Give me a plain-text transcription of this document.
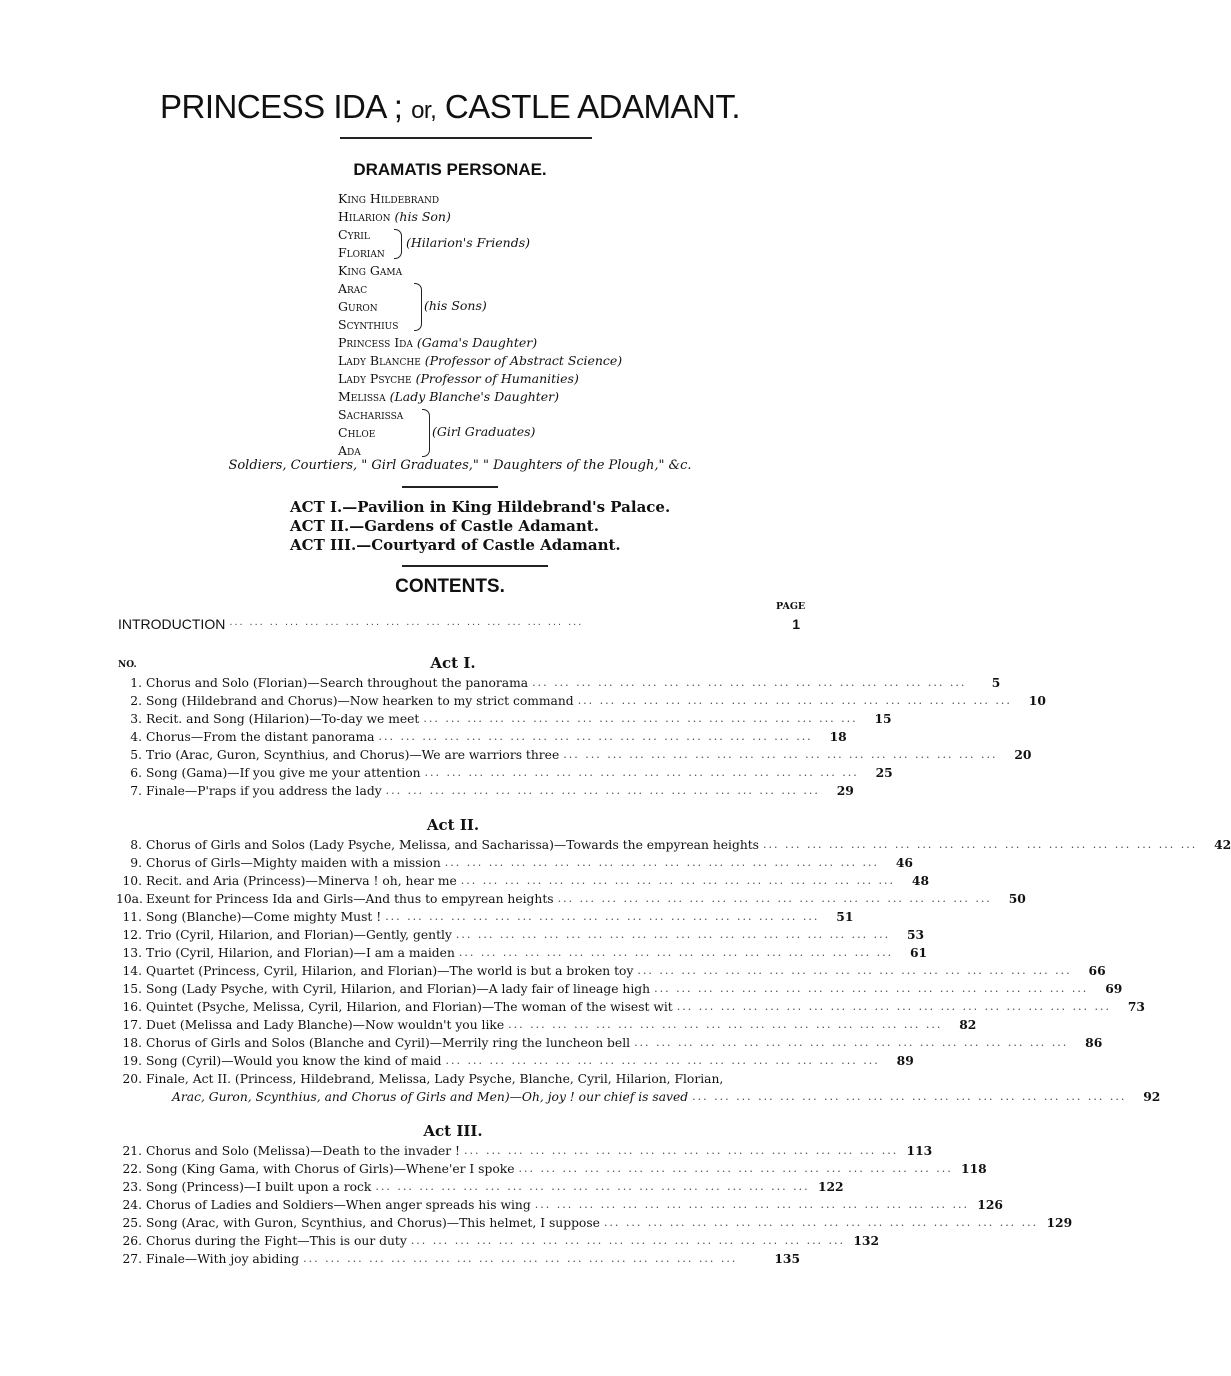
PRINCESS IDA ; or, CASTLE ADAMANT.
DRAMATIS PERSONAE.
King Hildebrand
Hilarion (his Son)
Cyril
Florian
(Hilarion's Friends)
King Gama
Arac
Guron
Scynthius
(his Sons)
Princess Ida (Gama's Daughter)
Lady Blanche (Professor of Abstract Science)
Lady Psyche (Professor of Humanities)
Melissa (Lady Blanche's Daughter)
Sacharissa
Chloe
Ada
(Girl Graduates)
Soldiers, Courtiers, " Girl Graduates," " Daughters of the Plough," &c.
ACT I.—Pavilion in King Hildebrand's Palace.
ACT II.—Gardens of Castle Adamant.
ACT III.—Courtyard of Castle Adamant.
CONTENTS.
PAGE
INTRODUCTION ... ... .. ... ... ... ... ... ... ... ... ... ... ... ... ... ... ...	1
NO.	Act I.
1. Chorus and Solo (Florian)—Search throughout the panorama ... ... ... ... ... ... ... ... ... ... ... ... ... ... ... ... ... ... ... ...	5
2. Song (Hildebrand and Chorus)—Now hearken to my strict command ... ... ... ... ... ... ... ... ... ... ... ... ... ... ... ... ... ... ... ...	10
3. Recit. and Song (Hilarion)—To-day we meet ... ... ... ... ... ... ... ... ... ... ... ... ... ... ... ... ... ... ... ...	15
4. Chorus—From the distant panorama ... ... ... ... ... ... ... ... ... ... ... ... ... ... ... ... ... ... ... ...	18
5. Trio (Arac, Guron, Scynthius, and Chorus)—We are warriors three ... ... ... ... ... ... ... ... ... ... ... ... ... ... ... ... ... ... ... ...	20
6. Song (Gama)—If you give me your attention ... ... ... ... ... ... ... ... ... ... ... ... ... ... ... ... ... ... ... ...	25
7. Finale—P'raps if you address the lady ... ... ... ... ... ... ... ... ... ... ... ... ... ... ... ... ... ... ... ...	29
Act II.
8. Chorus of Girls and Solos (Lady Psyche, Melissa, and Sacharissa)—Towards the empyrean heights ... ... ... ... ... ... ... ... ... ... ... ... ... ... ... ... ... ... ... ...	42
9. Chorus of Girls—Mighty maiden with a mission ... ... ... ... ... ... ... ... ... ... ... ... ... ... ... ... ... ... ... ...	46
10. Recit. and Aria (Princess)—Minerva ! oh, hear me ... ... ... ... ... ... ... ... ... ... ... ... ... ... ... ... ... ... ... ...	48
10a. Exeunt for Princess Ida and Girls—And thus to empyrean heights ... ... ... ... ... ... ... ... ... ... ... ... ... ... ... ... ... ... ... ...	50
11. Song (Blanche)—Come mighty Must ! ... ... ... ... ... ... ... ... ... ... ... ... ... ... ... ... ... ... ... ...	51
12. Trio (Cyril, Hilarion, and Florian)—Gently, gently ... ... ... ... ... ... ... ... ... ... ... ... ... ... ... ... ... ... ... ...	53
13. Trio (Cyril, Hilarion, and Florian)—I am a maiden ... ... ... ... ... ... ... ... ... ... ... ... ... ... ... ... ... ... ... ...	61
14. Quartet (Princess, Cyril, Hilarion, and Florian)—The world is but a broken toy ... ... ... ... ... ... ... ... ... ... ... ... ... ... ... ... ... ... ... ...	66
15. Song (Lady Psyche, with Cyril, Hilarion, and Florian)—A lady fair of lineage high ... ... ... ... ... ... ... ... ... ... ... ... ... ... ... ... ... ... ... ...	69
16. Quintet (Psyche, Melissa, Cyril, Hilarion, and Florian)—The woman of the wisest wit ... ... ... ... ... ... ... ... ... ... ... ... ... ... ... ... ... ... ... ...	73
17. Duet (Melissa and Lady Blanche)—Now wouldn't you like ... ... ... ... ... ... ... ... ... ... ... ... ... ... ... ... ... ... ... ...	82
18. Chorus of Girls and Solos (Blanche and Cyril)—Merrily ring the luncheon bell ... ... ... ... ... ... ... ... ... ... ... ... ... ... ... ... ... ... ... ...	86
19. Song (Cyril)—Would you know the kind of maid ... ... ... ... ... ... ... ... ... ... ... ... ... ... ... ... ... ... ... ...	89
20. Finale, Act II. (Princess, Hildebrand, Melissa, Lady Psyche, Blanche, Cyril, Hilarion, Florian,
Arac, Guron, Scynthius, and Chorus of Girls and Men)—Oh, joy ! our chief is saved ... ... ... ... ... ... ... ... ... ... ... ... ... ... ... ... ... ... ... ...	92
Act III.
21. Chorus and Solo (Melissa)—Death to the invader ! ... ... ... ... ... ... ... ... ... ... ... ... ... ... ... ... ... ... ... ... 113
22. Song (King Gama, with Chorus of Girls)—Whene'er I spoke ... ... ... ... ... ... ... ... ... ... ... ... ... ... ... ... ... ... ... ... 118
23. Song (Princess)—I built upon a rock ... ... ... ... ... ... ... ... ... ... ... ... ... ... ... ... ... ... ... ... 122
24. Chorus of Ladies and Soldiers—When anger spreads his wing ... ... ... ... ... ... ... ... ... ... ... ... ... ... ... ... ... ... ... ... 126
25. Song (Arac, with Guron, Scynthius, and Chorus)—This helmet, I suppose ... ... ... ... ... ... ... ... ... ... ... ... ... ... ... ... ... ... ... ... 129
26. Chorus during the Fight—This is our duty ... ... ... ... ... ... ... ... ... ... ... ... ... ... ... ... ... ... ... ... 132
27. Finale—With joy abiding ... ... ... ... ... ... ... ... ... ... ... ... ... ... ... ... ... ... ... ...	135
